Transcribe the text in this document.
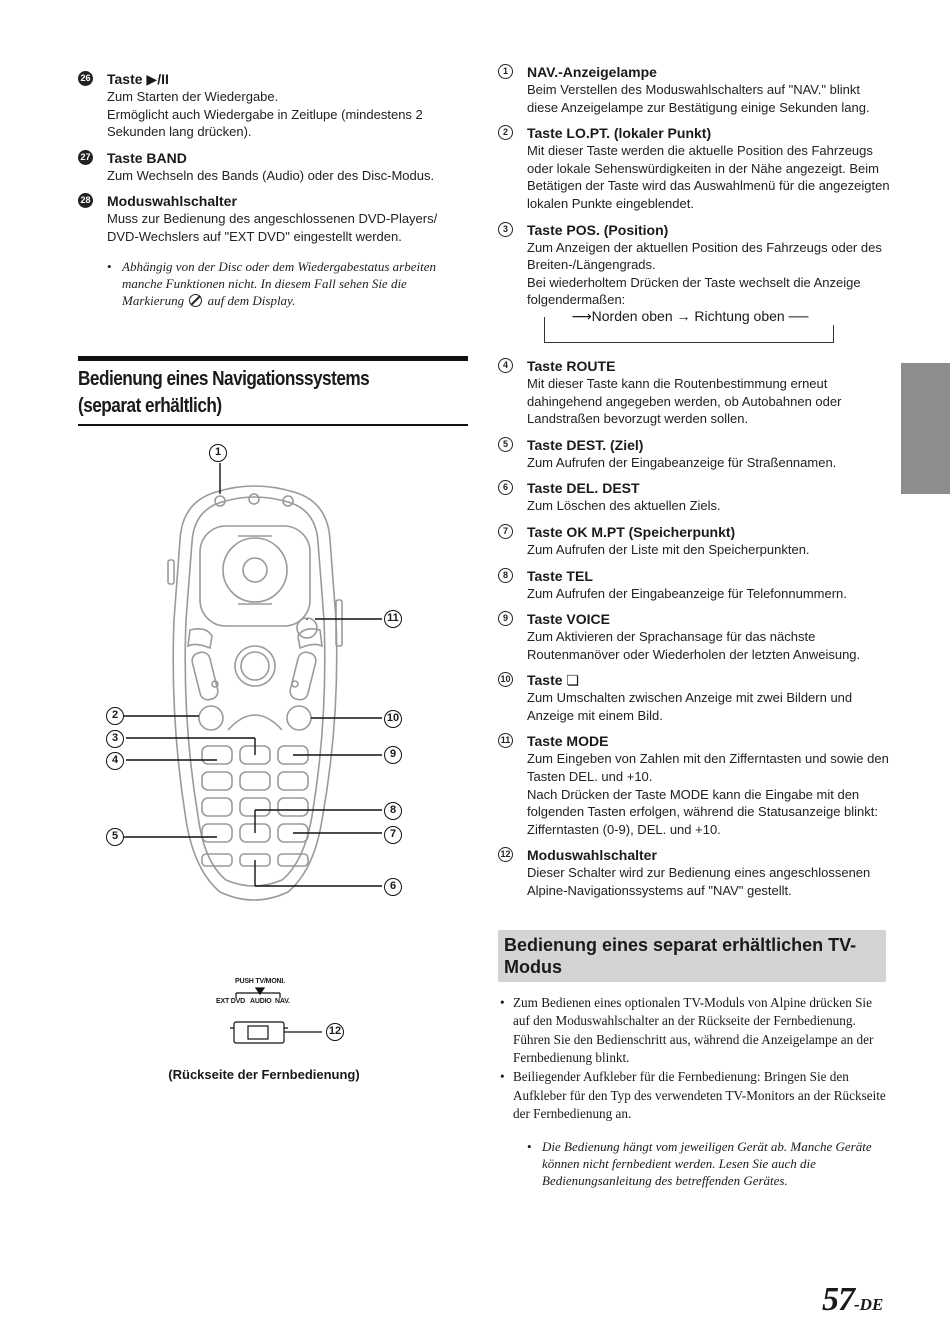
26 Taste ▶/II
Zum Starten der Wiedergabe.
Ermöglicht auch Wiedergabe in Zeitlupe (mindestens 2 Sekunden lang drücken).
27 Taste BAND
Zum Wechseln des Bands (Audio) oder des Disc-Modus.
28 Moduswahlschalter
Muss zur Bedienung des angeschlossenen DVD-Players/ DVD-Wechslers auf "EXT DVD" eingestellt werden.
• Abhängig von der Disc oder dem Wiedergabestatus arbeiten manche Funktionen nicht. In diesem Fall sehen Sie die Markierung auf dem Display.
Bedienung eines Navigationssystems
(separat erhältlich)
1
2
3
4
5
6
7
8
9
10
11
12
PUSH TV/MONI.
EXT DVD AUDIO NAV.
(Rückseite der Fernbedienung)
1	NAV.-Anzeigelampe
Beim Verstellen des Moduswahlschalters auf "NAV." blinkt diese Anzeigelampe zur Bestätigung einige Sekunden lang.
2	Taste LO.PT. (lokaler Punkt)
Mit dieser Taste werden die aktuelle Position des Fahrzeugs oder lokale Sehenswürdigkeiten in der Nähe angezeigt. Beim Betätigen der Taste wird das Auswahlmenü für die angezeigten lokalen Punkte eingeblendet.
3	Taste POS. (Position)
Zum Anzeigen der aktuellen Position des Fahrzeugs oder des Breiten-/Längengrads.
Bei wiederholtem Drücken der Taste wechselt die Anzeige folgendermaßen:
⟶Norden oben → Richtung oben ──
4	Taste ROUTE
Mit dieser Taste kann die Routenbestimmung erneut dahingehend angegeben werden, ob Autobahnen oder Landstraßen bevorzugt werden sollen.
5	Taste DEST. (Ziel)
Zum Aufrufen der Eingabeanzeige für Straßennamen.
6	Taste DEL. DEST
Zum Löschen des aktuellen Ziels.
7	Taste OK M.PT (Speicherpunkt)
Zum Aufrufen der Liste mit den Speicherpunkten.
8	Taste TEL
Zum Aufrufen der Eingabeanzeige für Telefonnummern.
9	Taste VOICE
Zum Aktivieren der Sprachansage für das nächste Routenmanöver oder Wiederholen der letzten Anweisung.
10 Taste ❏
Zum Umschalten zwischen Anzeige mit zwei Bildern und Anzeige mit einem Bild.
11 Taste MODE
Zum Eingeben von Zahlen mit den Zifferntasten und sowie den Tasten DEL. und +10.
Nach Drücken der Taste MODE kann die Eingabe mit den folgenden Tasten erfolgen, während die Statusanzeige blinkt: Zifferntasten (0-9), DEL. und +10.
12 Moduswahlschalter
Dieser Schalter wird zur Bedienung eines angeschlossenen Alpine-Navigationssystems auf "NAV" gestellt.
Bedienung eines separat erhältlichen TV-Modus
• Zum Bedienen eines optionalen TV-Moduls von Alpine drücken Sie auf den Moduswahlschalter an der Rückseite der Fernbedienung. Führen Sie den Bedienschritt aus, während die Anzeigelampe an der Fernbedienung blinkt.
• Beiliegender Aufkleber für die Fernbedienung: Bringen Sie den Aufkleber für den Typ des verwendeten TV-Monitors an der Rückseite der Fernbedienung an.
• Die Bedienung hängt vom jeweiligen Gerät ab. Manche Geräte können nicht fernbedient werden. Lesen Sie auch die Bedienungsanleitung des betreffenden Gerätes.
57-DE
